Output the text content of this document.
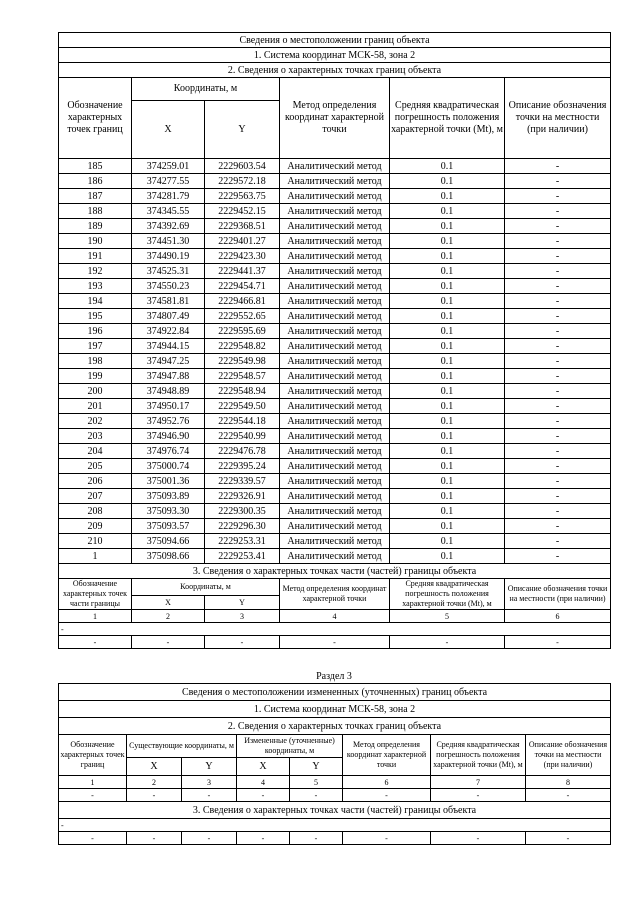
Сведения о местоположении границ объекта					
1. Система координат МСК-58, зона 2					
2. Сведения о характерных точках границ объекта					
Обозначение характерных точек границ	Координаты, м		Метод определения координат характерной точки	Средняя квадратическая погрешность положения характерной точки (Mt), м	Описание обозначения точки на местности (при наличии)
	X	Y			
185	374259.01	2229603.54	Аналитический метод	0.1	-
186	374277.55	2229572.18	Аналитический метод	0.1	-
187	374281.79	2229563.75	Аналитический метод	0.1	-
188	374345.55	2229452.15	Аналитический метод	0.1	-
189	374392.69	2229368.51	Аналитический метод	0.1	-
190	374451.30	2229401.27	Аналитический метод	0.1	-
191	374490.19	2229423.30	Аналитический метод	0.1	-
192	374525.31	2229441.37	Аналитический метод	0.1	-
193	374550.23	2229454.71	Аналитический метод	0.1	-
194	374581.81	2229466.81	Аналитический метод	0.1	-
195	374807.49	2229552.65	Аналитический метод	0.1	-
196	374922.84	2229595.69	Аналитический метод	0.1	-
197	374944.15	2229548.82	Аналитический метод	0.1	-
198	374947.25	2229549.98	Аналитический метод	0.1	-
199	374947.88	2229548.57	Аналитический метод	0.1	-
200	374948.89	2229548.94	Аналитический метод	0.1	-
201	374950.17	2229549.50	Аналитический метод	0.1	-
202	374952.76	2229544.18	Аналитический метод	0.1	-
203	374946.90	2229540.99	Аналитический метод	0.1	-
204	374976.74	2229476.78	Аналитический метод	0.1	-
205	375000.74	2229395.24	Аналитический метод	0.1	-
206	375001.36	2229339.57	Аналитический метод	0.1	-
207	375093.89	2229326.91	Аналитический метод	0.1	-
208	375093.30	2229300.35	Аналитический метод	0.1	-
209	375093.57	2229296.30	Аналитический метод	0.1	-
210	375094.66	2229253.31	Аналитический метод	0.1	-
1	375098.66	2229253.41	Аналитический метод	0.1	-
3. Сведения о характерных точках части (частей) границы объекта					
Обозначение характерных точек части границы	Координаты, м		Метод определения координат характерной точки	Средняя квадратическая погрешность положения характерной точки (Mt), м	Описание обозначения точки на местности (при наличии)
	X	Y			
1	2	3	4	5	6
-					
-	-	-	-	-	-
Раздел 3
Сведения о местоположении измененных (уточненных) границ объекта							
1. Система координат МСК-58, зона 2							
2. Сведения о характерных точках границ объекта							
Обозначение характерных точек границ	Существующие координаты, м		Измененные (уточненные) координаты, м		Метод определения координат характерной точки	Средняя квадратическая погрешность положения характерной точки (Mt), м	Описание обозначения точки на местности (при наличии)
	X	Y	X	Y			
1	2	3	4	5	6	7	8
-	-	-	-	-	-	-	-
3. Сведения о характерных точках части (частей) границы объекта							
-							
-	-	-	-	-	-	-	-
